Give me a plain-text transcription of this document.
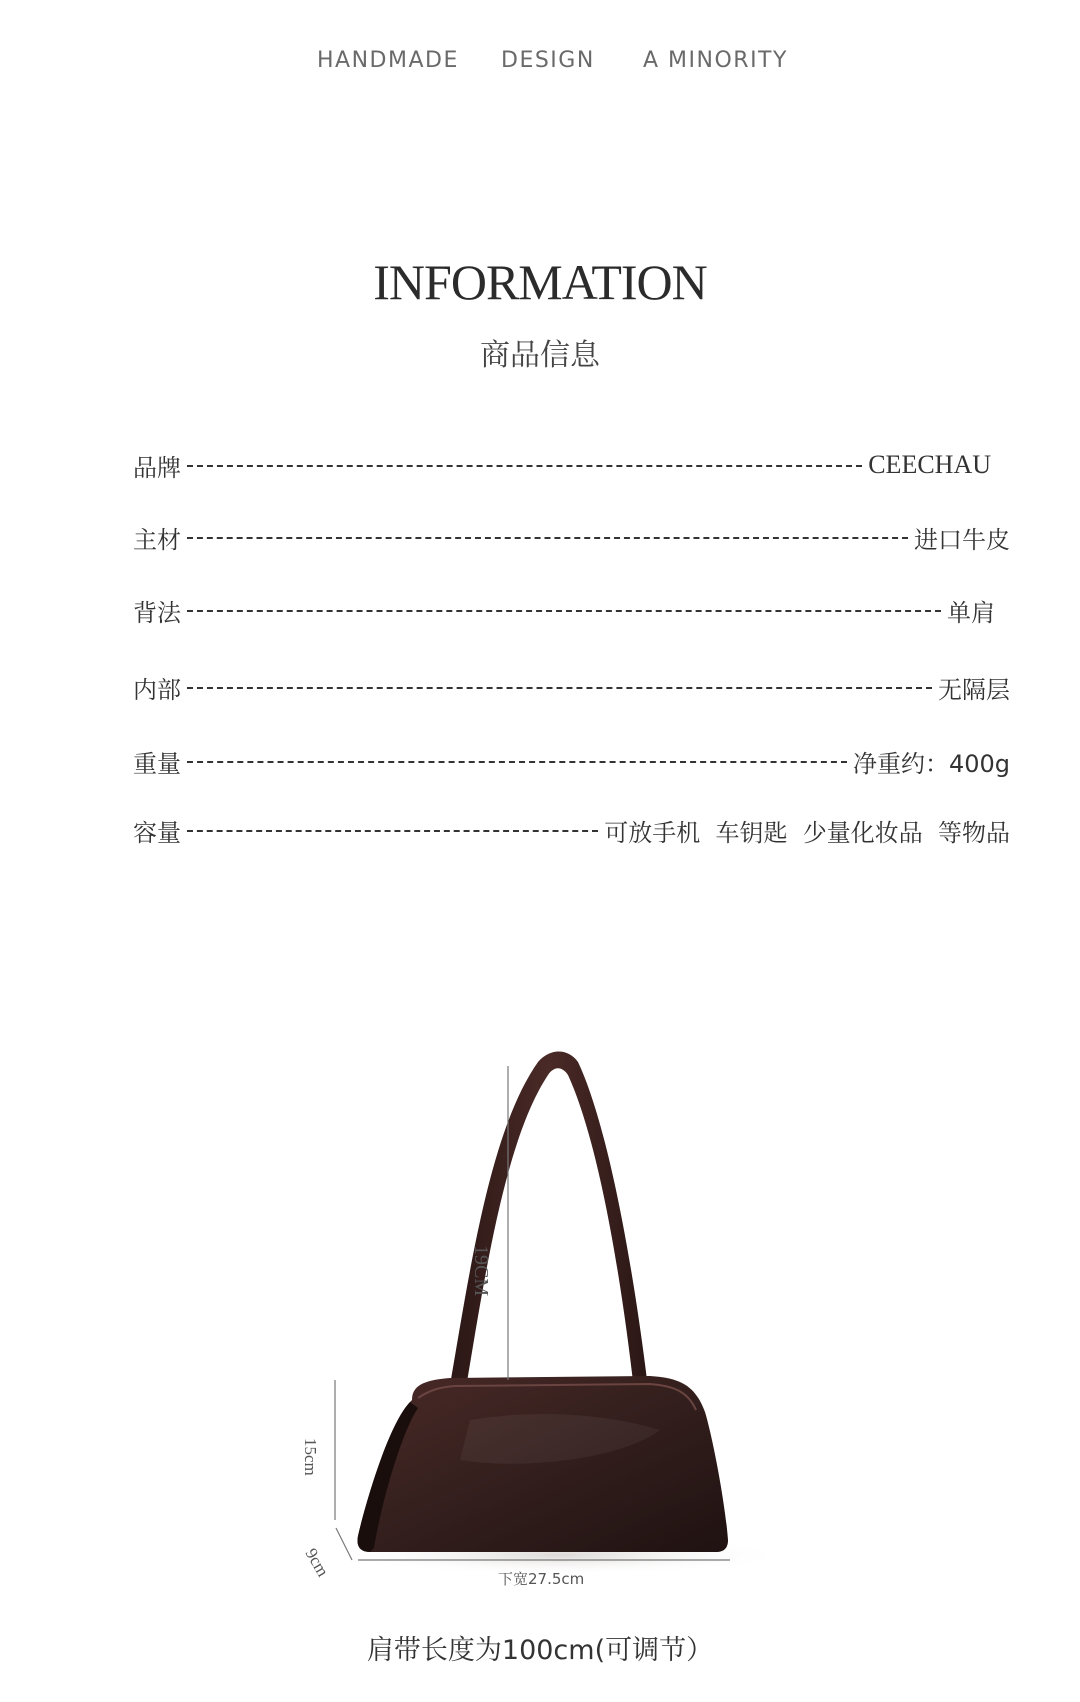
HANDMADE DESIGN A MINORITY
INFORMATION
商品信息
品牌	CEECHAU
主材	进口牛皮
背法	单肩
内部	无隔层
重量	净重约：400g
容量	可放手机  车钥匙  少量化妆品  等物品
19CM
15cm
9cm	下宽27.5cm
肩带长度为100cm(可调节）
